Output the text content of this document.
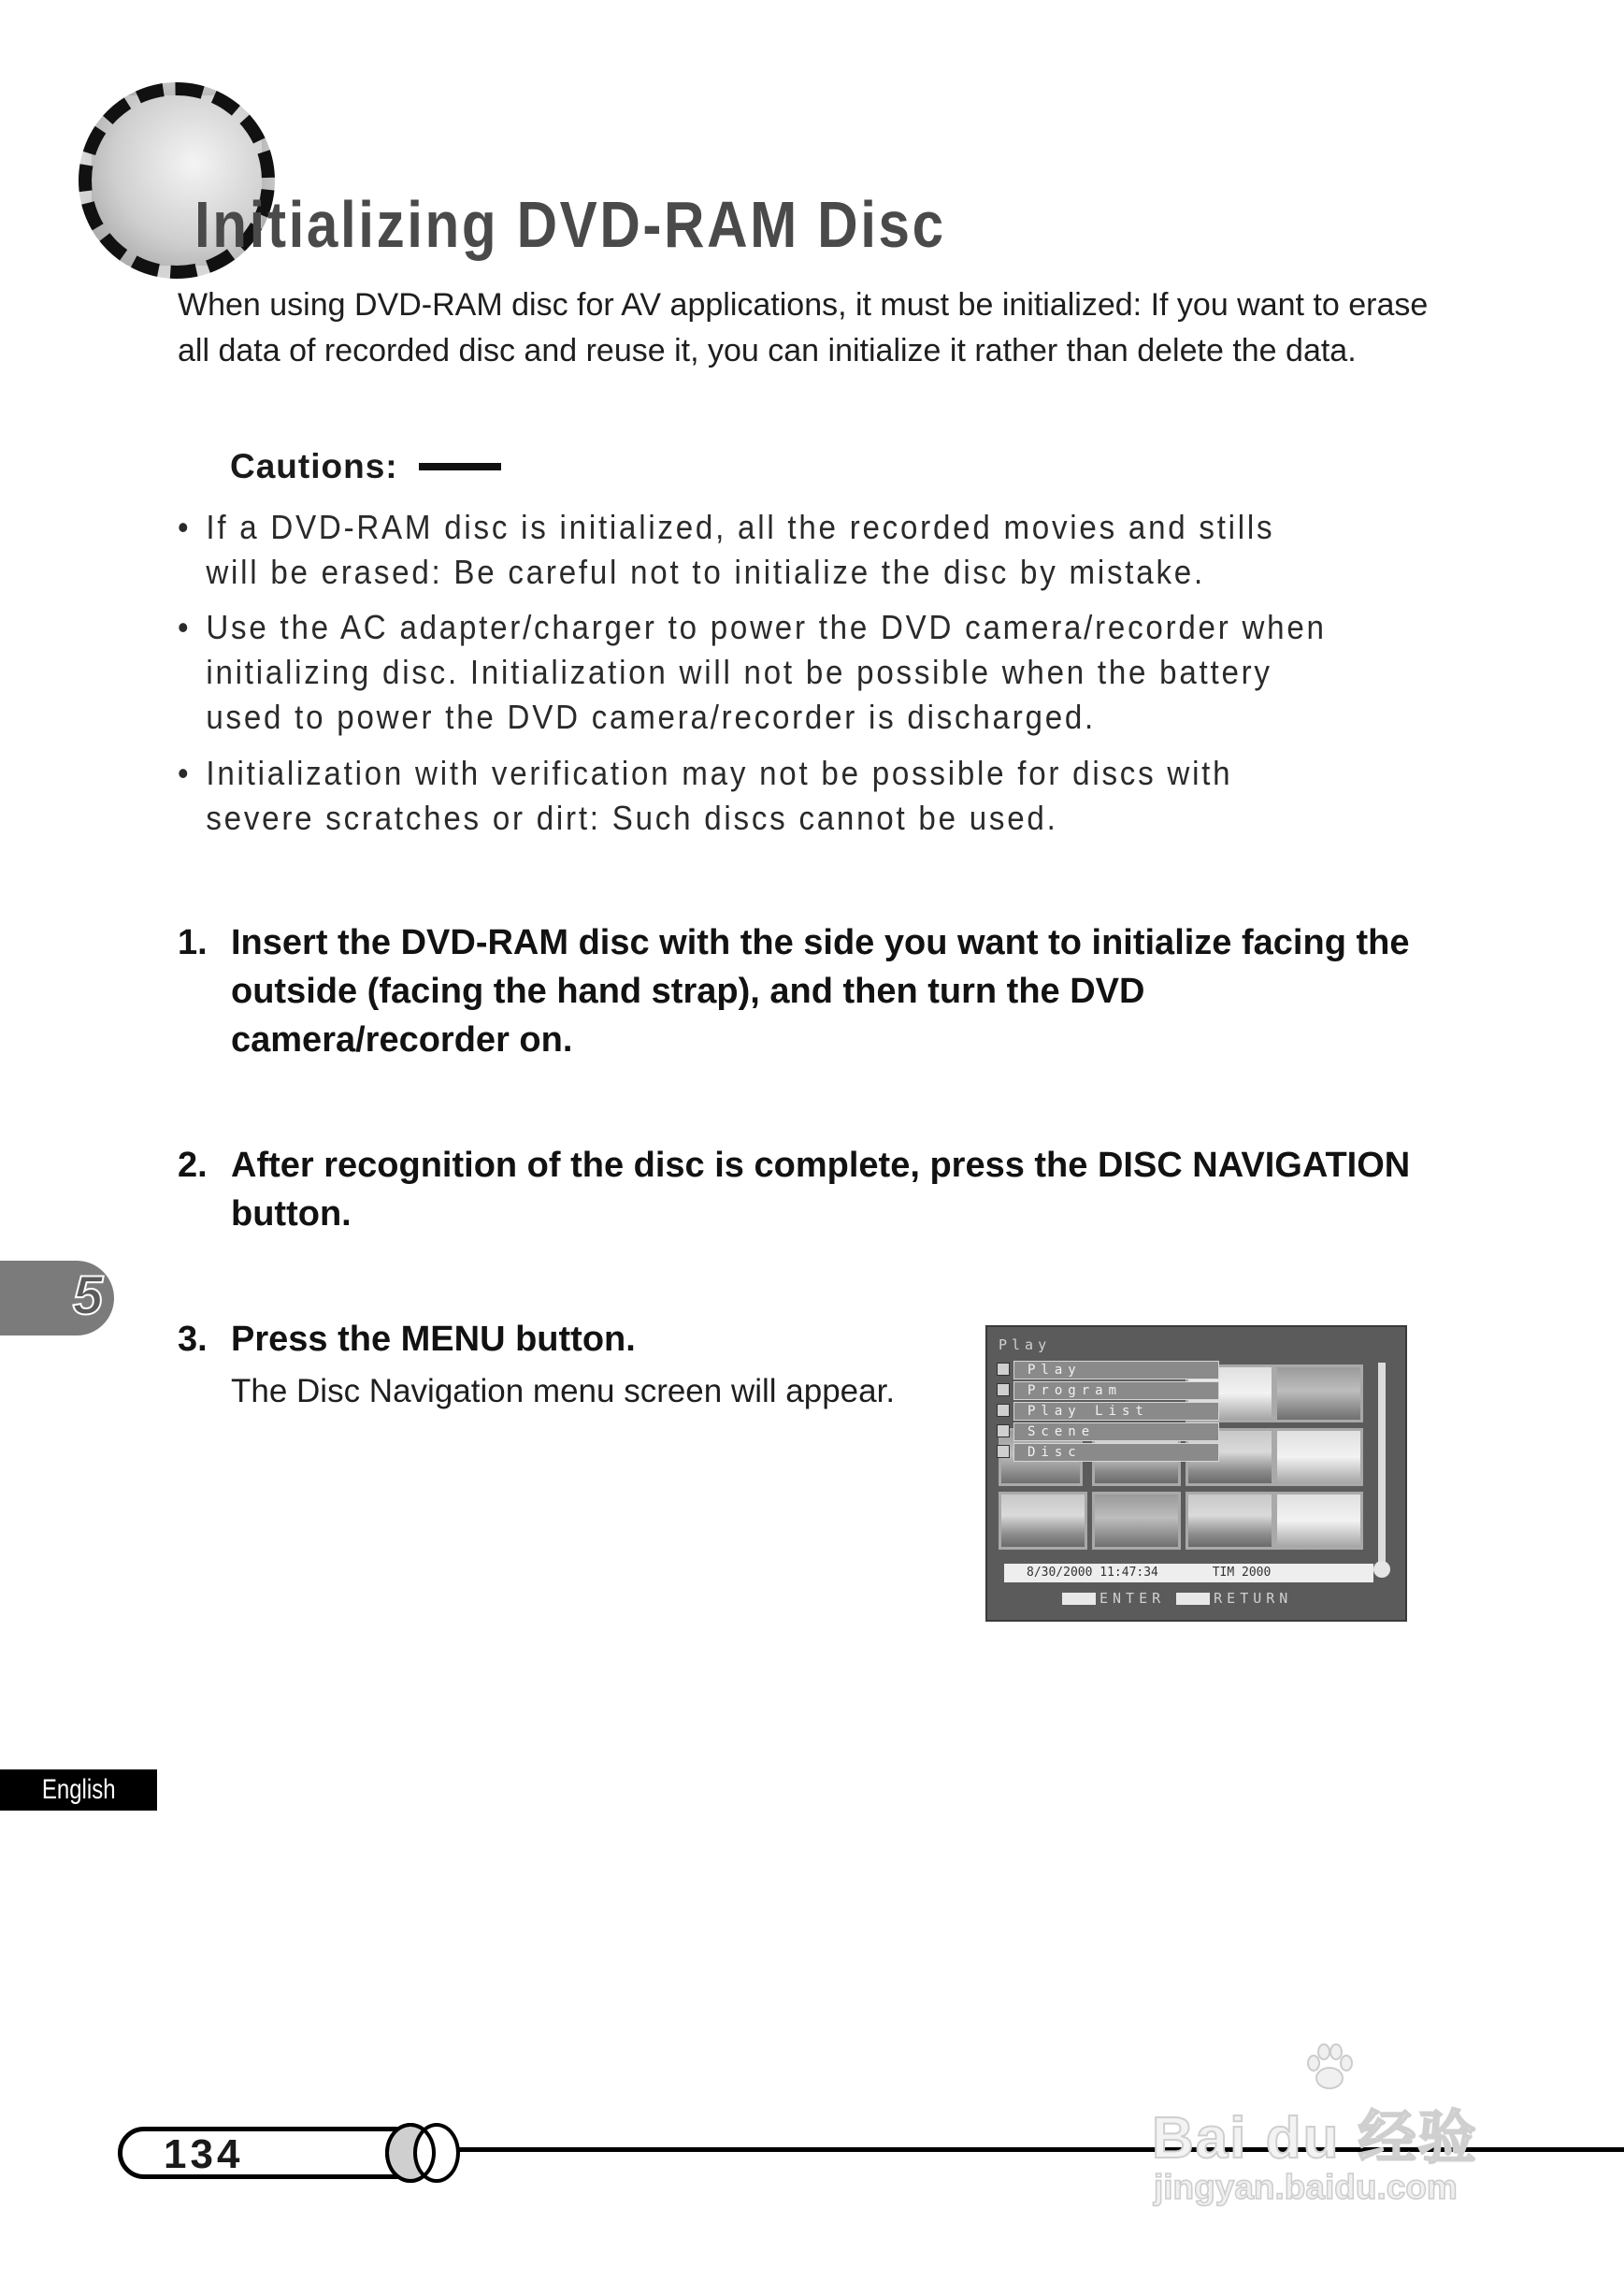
Initializing DVD-RAM Disc
When using DVD-RAM disc for AV applications, it must be initialized: If you want to erase all data of recorded disc and reuse it, you can initialize it rather than delete the data.
Cautions:
• If a DVD-RAM disc is initialized, all the recorded movies and stills will be erased: Be careful not to initialize the disc by mistake.
• Use the AC adapter/charger to power the DVD camera/recorder when initializing disc. Initialization will not be possible when the battery used to power the DVD camera/recorder is discharged.
• Initialization with verification may not be possible for discs with severe scratches or dirt: Such discs cannot be used.
1. Insert the DVD-RAM disc with the side you want to initialize facing the outside (facing the hand strap), and then turn the DVD camera/recorder on.
2. After recognition of the disc is complete, press the DISC NAVIGATION button.
3. Press the MENU button.
The Disc Navigation menu screen will appear.
5
English
Play
Play
Program
Play List
Scene
Disc
8/30/2000 11:47:34	TIM 2000
ENTER	RETURN
134	Bai du 经验
jingyan.baidu.com
